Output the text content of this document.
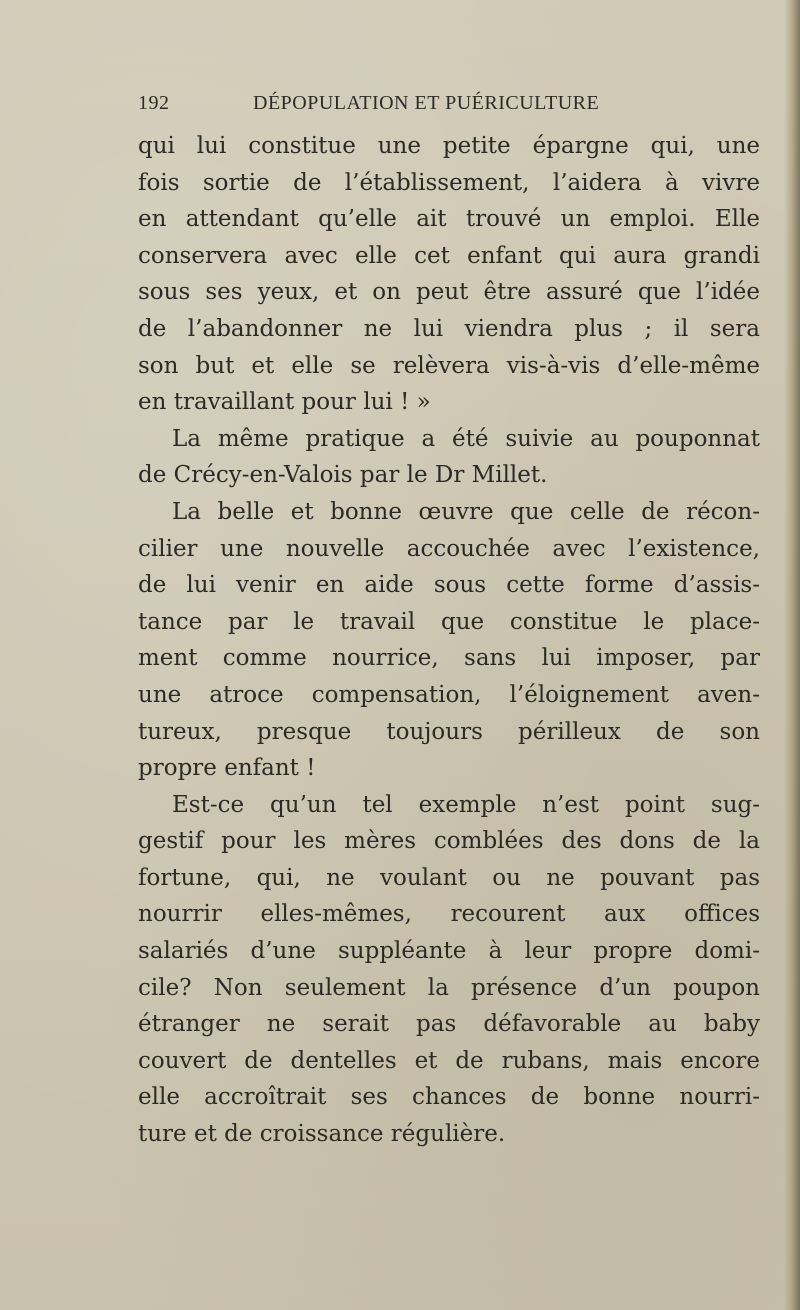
192	DÉPOPULATION ET PUÉRICULTURE
qui lui constitue une petite épargne qui, une
fois sortie de l’établissement, l’aidera à vivre
en attendant qu’elle ait trouvé un emploi. Elle
conservera avec elle cet enfant qui aura grandi
sous ses yeux, et on peut être assuré que l’idée
de l’abandonner ne lui viendra plus ; il sera
son but et elle se relèvera vis-à-vis d’elle-même
en travaillant pour lui ! »
La même pratique a été suivie au pouponnat
de Crécy-en-Valois par le Dr Millet.
La belle et bonne œuvre que celle de récon-
cilier une nouvelle accouchée avec l’existence,
de lui venir en aide sous cette forme d’assis-
tance par le travail que constitue le place-
ment comme nourrice, sans lui imposer, par
une atroce compensation, l’éloignement aven-
tureux, presque toujours périlleux de son
propre enfant !
Est-ce qu’un tel exemple n’est point sug-
gestif pour les mères comblées des dons de la
fortune, qui, ne voulant ou ne pouvant pas
nourrir elles-mêmes, recourent aux offices
salariés d’une suppléante à leur propre domi-
cile? Non seulement la présence d’un poupon
étranger ne serait pas défavorable au baby
couvert de dentelles et de rubans, mais encore
elle accroîtrait ses chances de bonne nourri-
ture et de croissance régulière.
